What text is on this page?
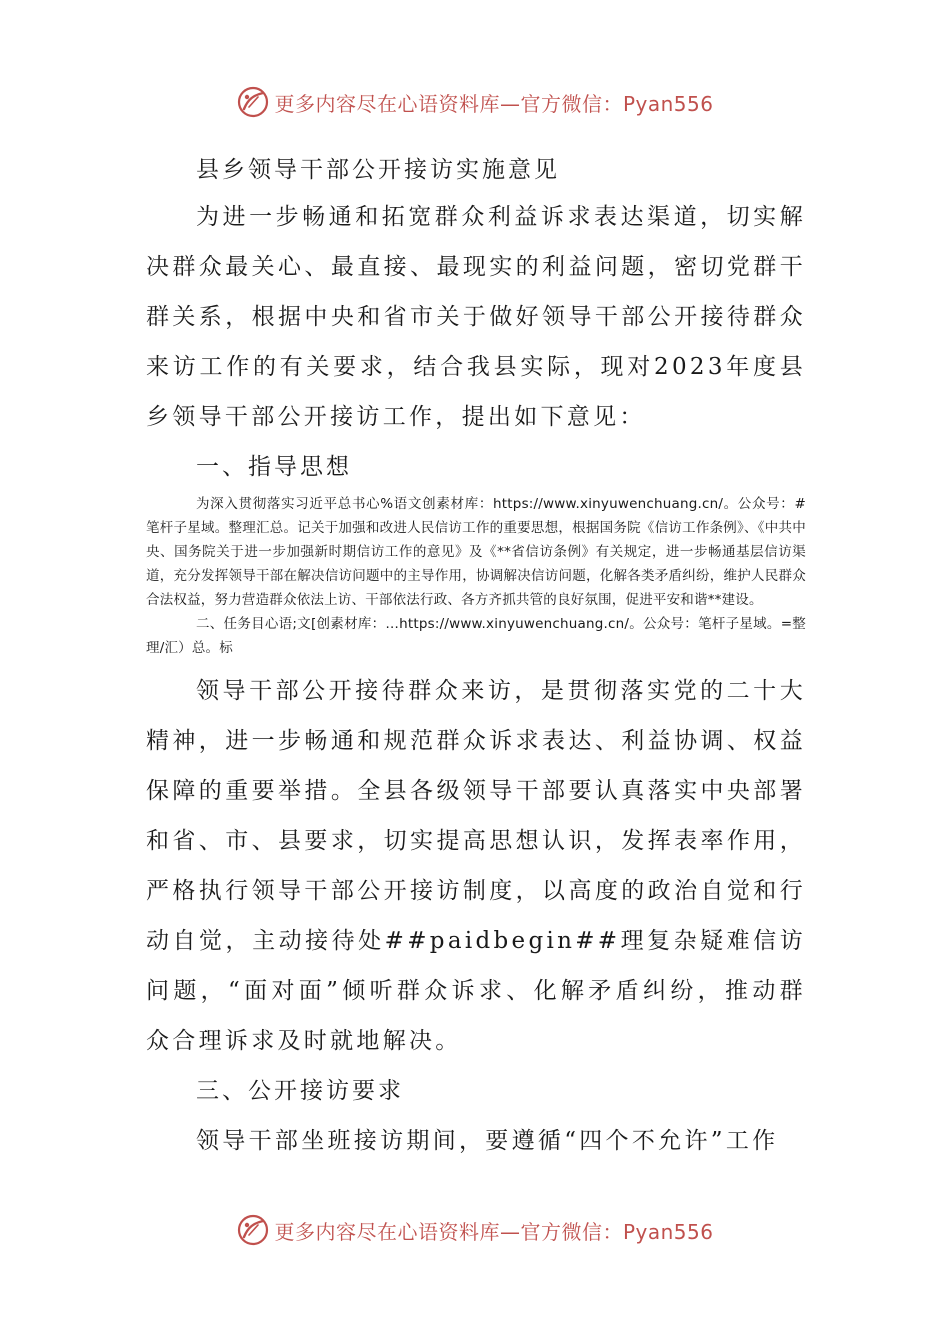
更多内容尽在心语资料库—官方微信：Pyan556

县乡领导干部公开接访实施意见

为进一步畅通和拓宽群众利益诉求表达渠道，切实解决群众最关心、最直接、最现实的利益问题，密切党群干群关系，根据中央和省市关于做好领导干部公开接待群众来访工作的有关要求，结合我县实际，现对2023年度县乡领导干部公开接访工作，提出如下意见：

一、指导思想

为深入贯彻落实习近平总书心%语文创素材库：https://www.xinyuwenchuang.cn/。公众号：#笔杆子星域。整理汇总。记关于加强和改进人民信访工作的重要思想，根据国务院《信访工作条例》、《中共中央、国务院关于进一步加强新时期信访工作的意见》及《**省信访条例》有关规定，进一步畅通基层信访渠道，充分发挥领导干部在解决信访问题中的主导作用，协调解决信访问题，化解各类矛盾纠纷，维护人民群众合法权益，努力营造群众依法上访、干部依法行政、各方齐抓共管的良好氛围，促进平安和谐**建设。

二、任务目心语;文[创素材库：…https://www.xinyuwenchuang.cn/。公众号：笔杆子星域。=整理/汇）总。标

领导干部公开接待群众来访，是贯彻落实党的二十大精神，进一步畅通和规范群众诉求表达、利益协调、权益保障的重要举措。全县各级领导干部要认真落实中央部署和省、市、县要求，切实提高思想认识，发挥表率作用，严格执行领导干部公开接访制度，以高度的政治自觉和行动自觉，主动接待处##paidbegin##理复杂疑难信访问题，“面对面”倾听群众诉求、化解矛盾纠纷，推动群众合理诉求及时就地解决。

三、公开接访要求

领导干部坐班接访期间，要遵循“四个不允许”工作

更多内容尽在心语资料库—官方微信：Pyan556
